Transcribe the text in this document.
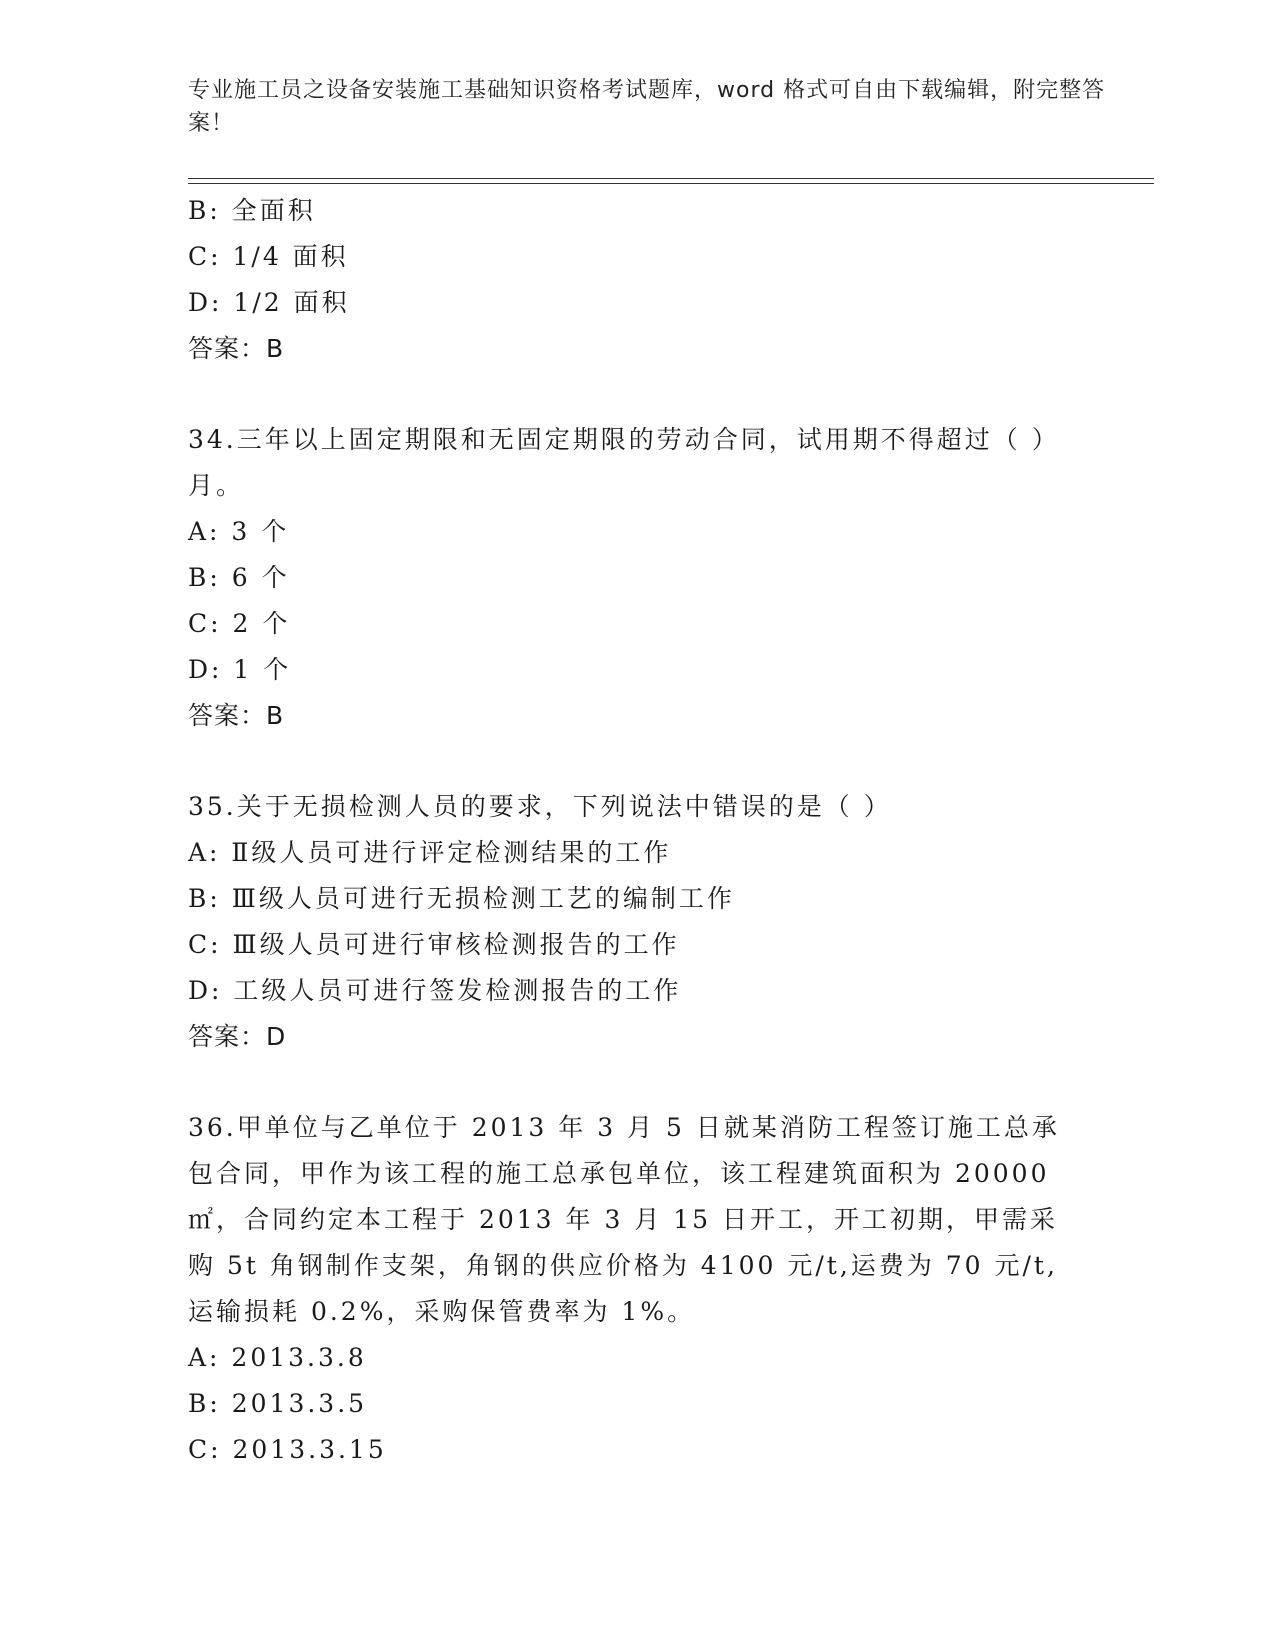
专业施工员之设备安装施工基础知识资格考试题库，word 格式可自由下载编辑，附完整答案！
B: 全面积
C: 1/4 面积
D: 1/2 面积
答案：B
34.三年以上固定期限和无固定期限的劳动合同，试用期不得超过（ ）月。
A: 3 个
B: 6 个
C: 2 个
D: 1 个
答案：B
35.关于无损检测人员的要求，下列说法中错误的是（ ）
A: Ⅱ级人员可进行评定检测结果的工作
B: Ⅲ级人员可进行无损检测工艺的编制工作
C: Ⅲ级人员可进行审核检测报告的工作
D: 工级人员可进行签发检测报告的工作
答案：D
36.甲单位与乙单位于 2013 年 3 月 5 日就某消防工程签订施工总承包合同，甲作为该工程的施工总承包单位，该工程建筑面积为 20000㎡，合同约定本工程于 2013 年 3 月 15 日开工，开工初期，甲需采购 5t 角钢制作支架，角钢的供应价格为 4100 元/t,运费为 70 元/t,运输损耗 0.2%，采购保管费率为 1%。
A: 2013.3.8
B: 2013.3.5
C: 2013.3.15
